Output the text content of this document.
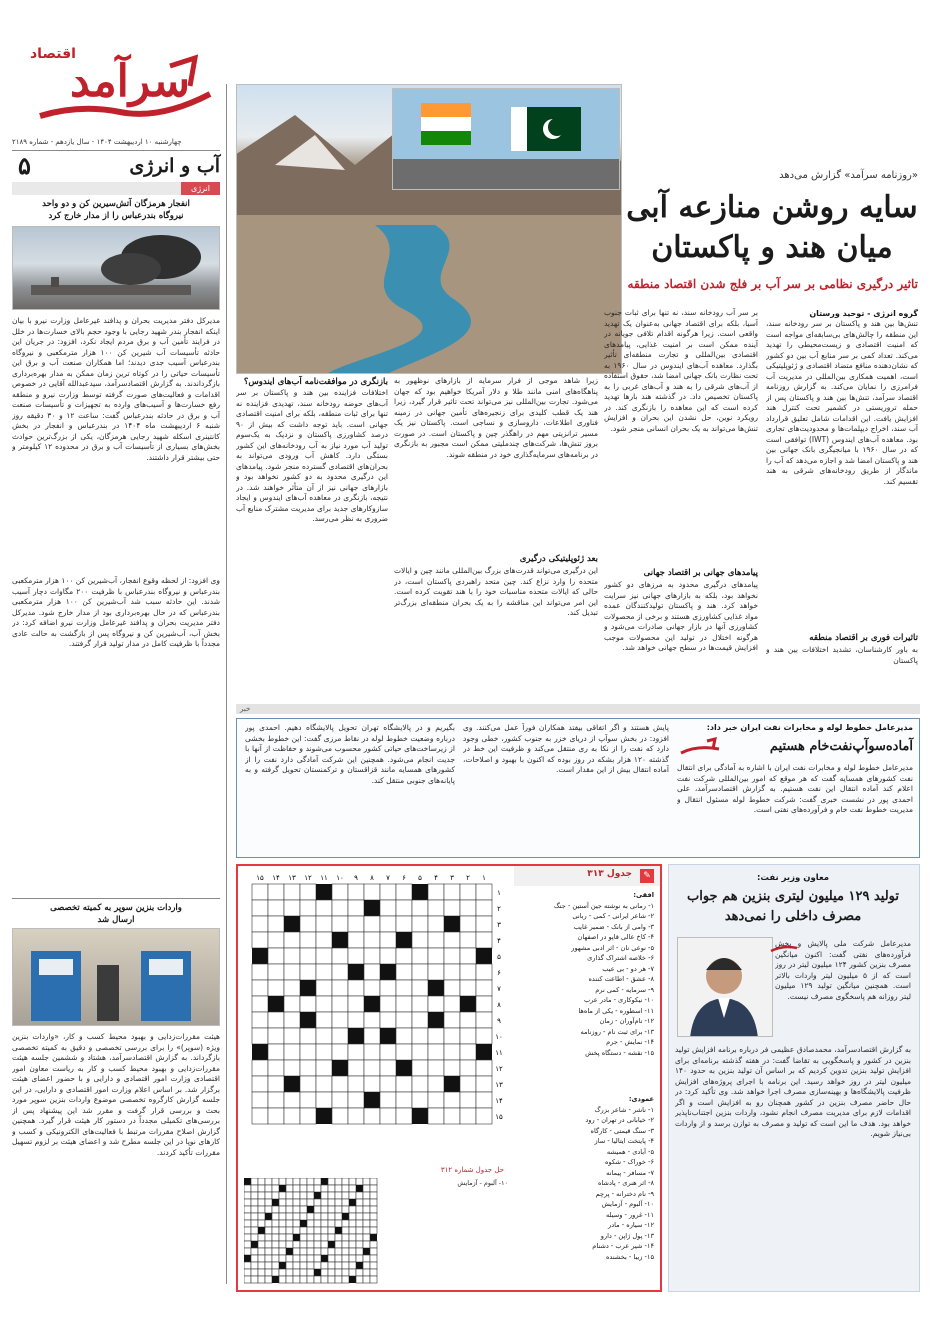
سرآمد
اقتصاد
چهارشنبه ۱۰ اردیبهشت ۱۴۰۴ - سال یازدهم - شماره ۲۱۸۹
آب و انرژی
۵
انرژی
انفجار هرمزگان آتش‌سیر‌ین‌ کن و‌ دو‌ واحد
نیروگاه بندرعباس را از مدار خارج کرد
مدیرکل دفتر مدیریت بحران و پدافند غیرعامل وزارت نیرو با بیان اینکه انفجار بندر شهید رجایی با وجود حجم بالای خسارت‌ها در خلل در فرایند تأمین آب و برق مردم ایجاد نکرد، افزود: در جریان این حادثه تأسیسات آب شیرین کن ۱۰۰ هزار مترمکعبی و نیروگاه بندرعباس آسیب جدی دیدند؛ اما همکاران صنعت آب و برق این تأسیسات حیاتی را در کوتاه ترین زمان ممکن به مدار بهره‌برداری بازگرداندند. به گزارش اقتصادسرآمد، سیدعبدالله آقایی در خصوص اقدامات و فعالیت‌های صورت گرفته توسط وزارت نیرو و منطقه رفع خسارت‌ها و آسیب‌های وارده به تجهیزات و تأسیسات صنعت آب و برق در حادثه بندرعباس گفت: ساعت ۱۲ و ۳۰ دقیقه روز شنبه ۶ اردیبهشت ماه ۱۴۰۴ در بندرعباس و انفجار در بخش کانتینری اسکله شهید رجایی هرمزگان، یکی از بزرگ‌ترین حوادث بخش‌های بسیاری از تأسیسات آب و برق در محدوده ۱۲ کیلومتر و حتی بیشتر قرار داشتند.
وی افزود: از لحظه وقوع انفجار، آب‌شیرین کن ۱۰۰ هزار مترمکعبی بندرعباس و نیروگاه بندرعباس با ظرفیت ۲۰۰ مگاوات دچار آسیب شدند. این حادثه سبب شد آب‌شیرین کن ۱۰۰ هزار مترمکعبی بندرعباس که در حال بهره‌برداری بود از مدار خارج شود. مدیرکل دفتر مدیریت بحران و پدافند غیرعامل وزارت نیرو اضافه کرد: در بخش آب، آب‌شیرین کن و نیروگاه پس از بازگشت به حالت عادی مجدداً با ظرفیت کامل در مدار تولید قرار گرفتند.
واردات بنزین سوپر به کمیته تخصصی
ارسال شد
هیئت مقررات‌زدایی و بهبود محیط کسب و کار، «واردات بنزین ویژه (سوپر)» را برای بررسی تخصصی و دقیق به کمیته تخصصی بازگرداند. به گزارش اقتصادسرآمد، هشتاد و ششمین جلسه هیئت مقررات‌زدایی و بهبود محیط کسب و کار به ریاست معاون امور اقتصادی وزارت امور اقتصادی و دارایی و با حضور اعضای هیئت برگزار شد. بر اساس اعلام وزارت امور اقتصادی و دارایی، در این جلسه گزارش کارگروه تخصصی موضوع واردات بنزین سوپر مورد بحث و بررسی قرار گرفت و مقرر شد این پیشنهاد پس از بررسی‌های تکمیلی مجدداً در دستور کار هیئت قرار گیرد. همچنین گزارش اصلاح مقررات مرتبط با فعالیت‌های الکترونیکی و کسب و کارهای نوپا در این جلسه مطرح شد و اعضای هیئت بر لزوم تسهیل مقررات تأکید کردند.
«روزنامه سرآمد» گزارش می‌دهد
سایه روشن منازعه آبی
میان هند و پاکستان
تاثیر درگیری نظامی بر سر آب بر فلج شدن اقتصاد منطقه
گروه انرژی - توحید ورستان
تنش‌ها بین هند و پاکستان بر سر رودخانه سند، این منطقه را چالش‌های بی‌سابقه‌ای مواجه است که امنیت اقتصادی و زیست‌محیطی را تهدید می‌کند. تعداد کمی بر سر منابع آب بین دو کشور که نشان‌دهنده منافع متضاد اقتصادی و ژئوپلیتیکی است، اهمیت همکاری بین‌المللی در مدیریت آب فرامرزی را نمایان می‌کند. به گزارش روزنامه اقتصاد سرآمد، تنش‌ها بین هند و پاکستان پس از حمله تروریستی در کشمیر تحت کنترل هند افزایش یافت. این اقدامات شامل تعلیق قرارداد آب سند، اخراج دیپلمات‌ها و محدودیت‌های تجاری بود. معاهده آب‌های ایندوس (IWT) توافقی است که در سال ۱۹۶۰ با میانجیگری بانک جهانی بین هند و پاکستان امضا شد و اجازه می‌دهد که آب را ماندگار از طریق رودخانه‌های شرقی به هند تقسیم کند.
تاثیرات فوری بر اقتصاد منطقه
به باور کارشناسان، تشدید اختلافات بین هند و پاکستان
بر سر آب رودخانه سند، نه تنها برای ثبات جنوب آسیا، بلکه برای اقتصاد جهانی به‌عنوان یک تهدید واقعی است. زیرا هرگونه اقدام تلافی جویانه در آینده ممکن است بر امنیت غذایی، پیامدهای اقتصادی بین‌المللی و تجارت منطقه‌ای تأثیر بگذارد. معاهده آب‌های ایندوس در سال ۱۹۶۰ به تحت نظارت بانک جهانی امضا شد، حقوق استفاده از آب‌های شرقی را به هند و آب‌های غربی را به پاکستان تخصیص داد. در گذشته هند بارها تهدید کرده است که این معاهده را بازنگری کند. در رویکرد نوین، حل نشدن این بحران و افزایش تنش‌ها می‌تواند به یک بحران انسانی منجر شود.
پیامدهای جهانی بر اقتصاد جهانی
پیامدهای درگیری محدود به مرزهای دو کشور نخواهد بود، بلکه به بازارهای جهانی نیز سرایت خواهد کرد. هند و پاکستان تولیدکنندگان عمده مواد غذایی کشاورزی هستند و برخی از محصولات کشاورزی آنها در بازار جهانی صادرات می‌شود و هرگونه اختلال در تولید این محصولات موجب افزایش قیمت‌ها در سطح جهانی خواهد شد.
زیرا شاهد موجی از فرار سرمایه از بازارهای نوظهور به پناهگاه‌های امنی مانند طلا و دلار آمریکا خواهیم بود که جهان می‌شود. تجارت بین‌المللی نیز می‌تواند تحت تاثیر قرار گیرد، زیرا هند یک قطب کلیدی برای زنجیره‌های تأمین جهانی در زمینه فناوری اطلاعات، داروسازی و نساجی است. پاکستان نیز یک مسیر ترانزیتی مهم در راهگذر چین و پاکستان است. در صورت بروز تنش‌ها، شرکت‌های چندملیتی ممکن است مجبور به بازنگری در برنامه‌های سرمایه‌گذاری خود در منطقه شوند.
بعد ژئوپلیتیکی درگیری
این درگیری می‌تواند قدرت‌های بزرگ بین‌المللی مانند چین و ایالات متحده را وارد نزاع کند. چین متحد راهبردی پاکستان است، در حالی که ایالات متحده مناسبات خود را با هند تقویت کرده است. این امر می‌تواند این مناقشه را به یک بحران منطقه‌ای بزرگ‌تر تبدیل کند.
بازنگری در موافقت‌نامه آب‌های ایندوس؟
اختلافات فزاینده بین هند و پاکستان بر سر آب‌های حوضه رودخانه سند، تهدیدی فزاینده نه تنها برای ثبات منطقه، بلکه برای امنیت اقتصادی جهانی است. باید توجه داشت که بیش از ۹۰ درصد کشاورزی پاکستان و نزدیک به یک‌سوم تولید آب مورد نیاز به آب رودخانه‌های این کشور بستگی دارد. کاهش آب ورودی می‌تواند به بحران‌های اقتصادی گسترده منجر شود. پیامدهای این درگیری محدود به دو کشور نخواهد بود و بازارهای جهانی نیز از آن متأثر خواهند شد. در نتیجه، بازنگری در معاهده آب‌های ایندوس و ایجاد سازوکارهای جدید برای مدیریت مشترک منابع آب ضروری به نظر می‌رسد.
خبر
مدیرعامل خطوط لوله و مخابرات نفت ایران خبر داد:
آماده‌سوآپ‌نفت‌خام هستیم
مدیرعامل خطوط لوله و مخابرات نفت ایران با اشاره به آمادگی برای انتقال نفت کشورهای همسایه گفت که هر موقع که امور بین‌المللی شرکت نفت اعلام کند آماده انتقال این نفت هستیم. به گزارش اقتصادسرآمد، علی احمدی پور در نشست خبری گفت: شرکت خطوط لوله مسئول انتقال و مدیریت خطوط نفت خام و فرآورده‌های نفتی است.
پایش هستند و اگر اتفاقی بیفتد همکاران فوراً عمل می‌کنند. وی افزود: در بخش سوآپ از دریای خزر به جنوب کشور، خطی وجود دارد که نفت را از نکا به ری منتقل می‌کند و ظرفیت این خط در گذشته ۱۲۰ هزار بشکه در روز بوده که اکنون با بهبود و اصلاحات، آماده انتقال بیش از این مقدار است.
بگیریم و در پالایشگاه تهران تحویل پالایشگاه دهیم. احمدی پور درباره وضعیت خطوط لوله در نقاط مرزی گفت: این خطوط بخشی از زیرساخت‌های حیاتی کشور محسوب می‌شوند و حفاظت از آنها با جدیت انجام می‌شود. همچنین این شرکت آمادگی دارد نفت را از کشورهای همسایه مانند قزاقستان و ترکمنستان تحویل گرفته و به پایانه‌های جنوبی منتقل کند.
جدول ۳۱۳	✎
افقی:
۱- رمانی به نوشته جین آستین - جنگ
۲- شاعر ایرانی - کمی - ربانی
۳- وامی از بانک - ضمیر غایب
۴- کاخ عالی قاپو در اصفهان
۵- نوعی نان - اثر ادبی مشهور
۶- خلاصه اشتراک گذاری
۷- هر دو - بی عیب
۸- عشق - اطاعت کننده
۹- سرمایه - کمی نرم
۱۰- نیکوکاری - مادر عرب
۱۱- اسطوره - یکی از ماه‌ها
۱۲- نام‌آوران - زمان
۱۳- برای ثبت نام - روزنامه
۱۴- نمایش - جرم
۱۵- نقشه - دستگاه پخش
عمودی:
۱- ناشر - شاعر بزرگ
۲- خیابانی در تهران - رود
۳- سنگ قیمتی - کارگاه
۴- پایتخت ایتالیا - ساز
۵- آبادی - همیشه
۶- خوراک - شکوه
۷- مسافر - پیمانه
۸- اثر هنری - پادشاه
۹- نام دخترانه - پرچم
۱۰- آلبوم - آزمایش
۱۱- غرور - وسیله
۱۲- سیاره - مادر
۱۳- پول ژاپن - دارو
۱۴- شیر عرب - دشنام
۱۵- زیبا - بخشنده
۱
۱
۲
۲
۳
۳
۴
۴
۵
۵
۶
۶
۷
۷
۸
۸
۹
۹
۱۰
۱۰
۱۱
۱۱
۱۲
۱۲
۱۳
۱۳
۱۴
۱۴
۱۵
۱۵
حل جدول شماره ۳۱۲
۱۰- آلبوم - آزمایش
معاون وزیر نفت:
تولید ۱۲۹ میلیون لیتری بنزین هم جواب
مصرف داخلی را نمی‌دهد
مدیرعامل شرکت ملی پالایش و پخش فرآورده‌های نفتی گفت: اکنون میانگین مصرف بنزین کشور ۱۲۴ میلیون لیتر در روز است که از ۵ میلیون لیتر واردات بالاتر است. همچنین میانگین تولید ۱۲۹ میلیون لیتر روزانه هم پاسخگوی مصرف نیست.
به گزارش اقتصادسرآمد، محمدصادق عظیمی فر درباره برنامه افزایش تولید بنزین در کشور و پاسخگویی به تقاضا گفت: در هفته گذشته برنامه‌ای برای افزایش تولید بنزین تدوین کردیم که بر اساس آن تولید بنزین به حدود ۱۴۰ میلیون لیتر در روز خواهد رسید. این برنامه با اجرای پروژه‌های افزایش ظرفیت پالایشگاه‌ها و بهینه‌سازی مصرف اجرا خواهد شد. وی تأکید کرد: در حال حاضر مصرف بنزین در کشور همچنان رو به افزایش است و اگر اقدامات لازم برای مدیریت مصرف انجام نشود، واردات بنزین اجتناب‌ناپذیر خواهد بود. هدف ما این است که تولید و مصرف به توازن برسد و از واردات بی‌نیاز شویم.
